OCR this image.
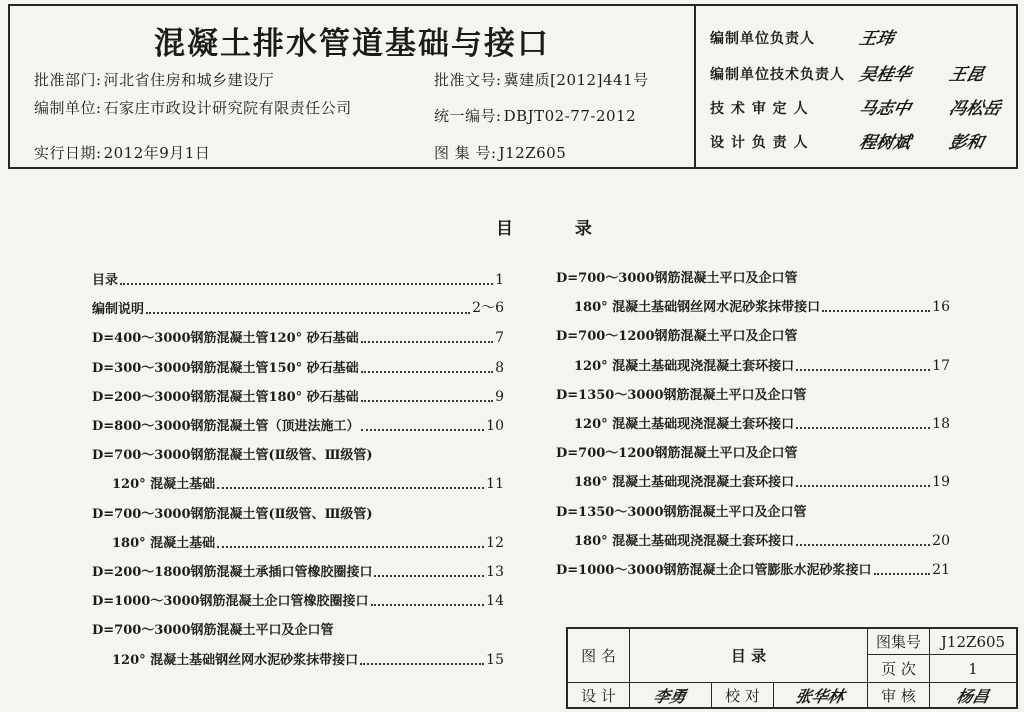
混凝土排水管道基础与接口
批准部门: 河北省住房和城乡建设厅
编制单位: 石家庄市政设计研究院有限责任公司
实行日期: 2012年9月1日
批准文号: 冀建质[2012]441号
统一编号: DBJT02-77-2012
图 集 号: J12Z605
编制单位负责人 王玮
编制单位技术负责人 吴桂华 王昆
技 术 审 定 人	马志中 冯松岳
设 计 负 责 人	程树斌 彭和
目 录
目录	1
编制说明	2～6
D=400～3000钢筋混凝土管120° 砂石基础	7
D=300～3000钢筋混凝土管150° 砂石基础	8
D=200～3000钢筋混凝土管180° 砂石基础	9
D=800～3000钢筋混凝土管（顶进法施工）	10
D=700～3000钢筋混凝土管(Ⅱ级管、Ⅲ级管)
120° 混凝土基础	11
D=700～3000钢筋混凝土管(Ⅱ级管、Ⅲ级管)
180° 混凝土基础	12
D=200～1800钢筋混凝土承插口管橡胶圈接口	13
D=1000～3000钢筋混凝土企口管橡胶圈接口	14
D=700～3000钢筋混凝土平口及企口管
120° 混凝土基础钢丝网水泥砂浆抹带接口	15
D=700～3000钢筋混凝土平口及企口管
180° 混凝土基础钢丝网水泥砂浆抹带接口	16
D=700～1200钢筋混凝土平口及企口管
120° 混凝土基础现浇混凝土套环接口	17
D=1350～3000钢筋混凝土平口及企口管
120° 混凝土基础现浇混凝土套环接口	18
D=700～1200钢筋混凝土平口及企口管
180° 混凝土基础现浇混凝土套环接口	19
D=1350～3000钢筋混凝土平口及企口管
180° 混凝土基础现浇混凝土套环接口	20
D=1000～3000钢筋混凝土企口管膨胀水泥砂浆接口	21
图 名	目 录
图集号	J12Z605
页 次	1
设 计	李勇	校 对	张华林	审 核	杨昌
